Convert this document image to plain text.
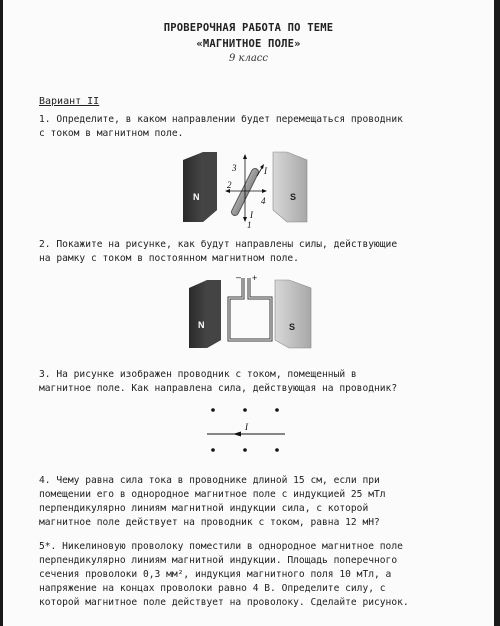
ПРОВЕРОЧНАЯ РАБОТА ПО ТЕМЕ
«МАГНИТНОЕ ПОЛЕ»
9 класс
Вариант II
1. Определите, в каком направлении будет перемещаться проводник
с током в магнитном поле.
N	S
3	I
2
4
I
1
2. Покажите на рисунке, как будут направлены силы, действующие
на рамку с током в постоянном магнитном поле.
N	S
– +
3. На рисунке изображен проводник с током, помещенный в
магнитное поле. Как направлена сила, действующая на проводник?
I
4. Чему равна сила тока в проводнике длиной 15 см, если при
помещении его в однородное магнитное поле с индукцией 25 мТл
перпендикулярно линиям магнитной индукции сила, с которой
магнитное поле действует на проводник с током, равна 12 мН?
5*. Никелиновую проволоку поместили в однородное магнитное поле
перпендикулярно линиям магнитной индукции. Площадь поперечного
сечения проволоки 0,3 мм², индукция магнитного поля 10 мТл, а
напряжение на концах проволоки равно 4 В. Определите силу, с
которой магнитное поле действует на проволоку. Сделайте рисунок.
